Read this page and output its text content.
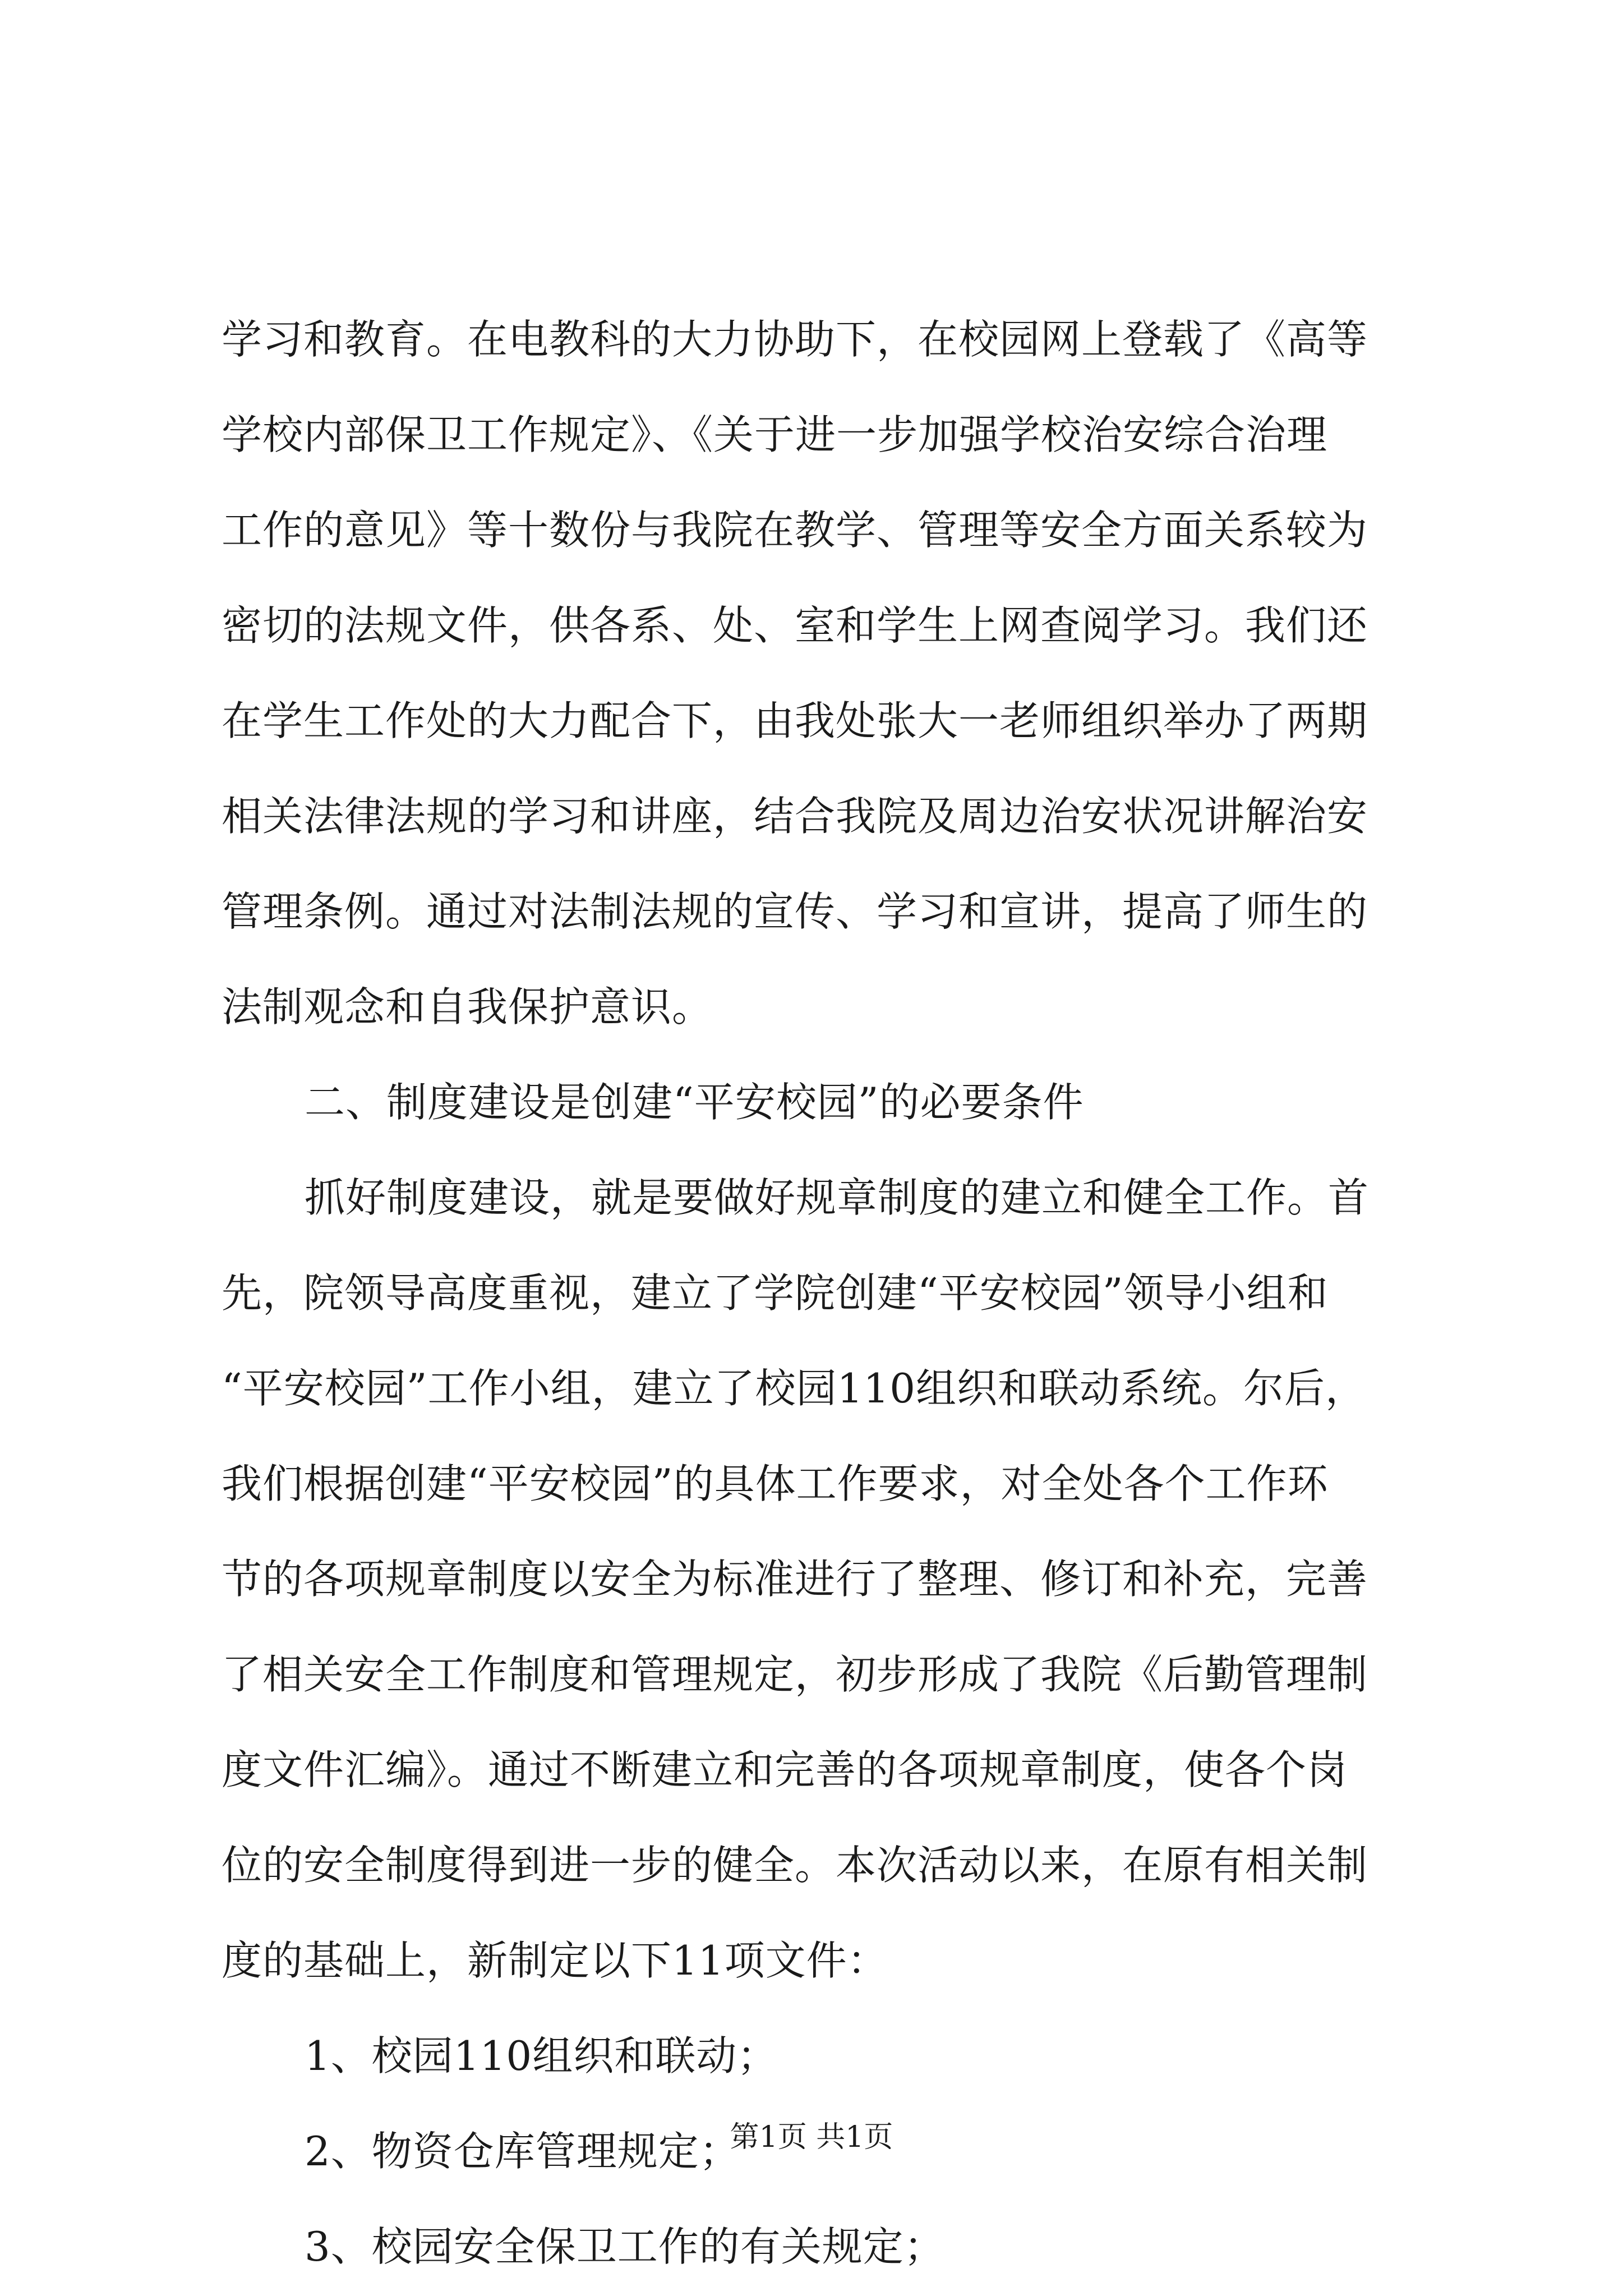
学习和教育。在电教科的大力协助下，在校园网上登载了《高等
学校内部保卫工作规定》、《关于进一步加强学校治安综合治理
工作的意见》等十数份与我院在教学、管理等安全方面关系较为
密切的法规文件，供各系、处、室和学生上网查阅学习。我们还
在学生工作处的大力配合下，由我处张大一老师组织举办了两期
相关法律法规的学习和讲座，结合我院及周边治安状况讲解治安
管理条例。通过对法制法规的宣传、学习和宣讲，提高了师生的
法制观念和自我保护意识。
二、制度建设是创建“平安校园”的必要条件
抓好制度建设，就是要做好规章制度的建立和健全工作。首
先，院领导高度重视，建立了学院创建“平安校园”领导小组和
“平安校园”工作小组，建立了校园110组织和联动系统。尔后，
我们根据创建“平安校园”的具体工作要求，对全处各个工作环
节的各项规章制度以安全为标准进行了整理、修订和补充，完善
了相关安全工作制度和管理规定，初步形成了我院《后勤管理制
度文件汇编》。通过不断建立和完善的各项规章制度，使各个岗
位的安全制度得到进一步的健全。本次活动以来，在原有相关制
度的基础上，新制定以下11项文件：
1、校园110组织和联动；
2、物资仓库管理规定；
3、校园安全保卫工作的有关规定；
第1页 共1页
